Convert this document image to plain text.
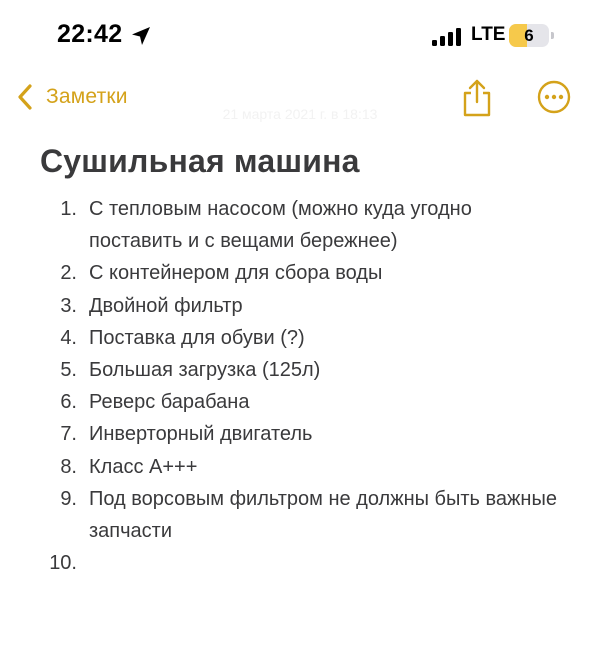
22:42	LTE	6
Заметки
21 марта 2021 г. в 18:13
Сушильная машина
1. С тепловым насосом (можно куда угодно поставить и с вещами бережнее)
2. С контейнером для сбора воды
3. Двойной фильтр
4. Поставка для обуви (?)
5. Большая загрузка (125л)
6. Реверс барабана
7. Инверторный двигатель
8. Класс А+++
9. Под ворсовым фильтром не должны быть важные запчасти
10.
